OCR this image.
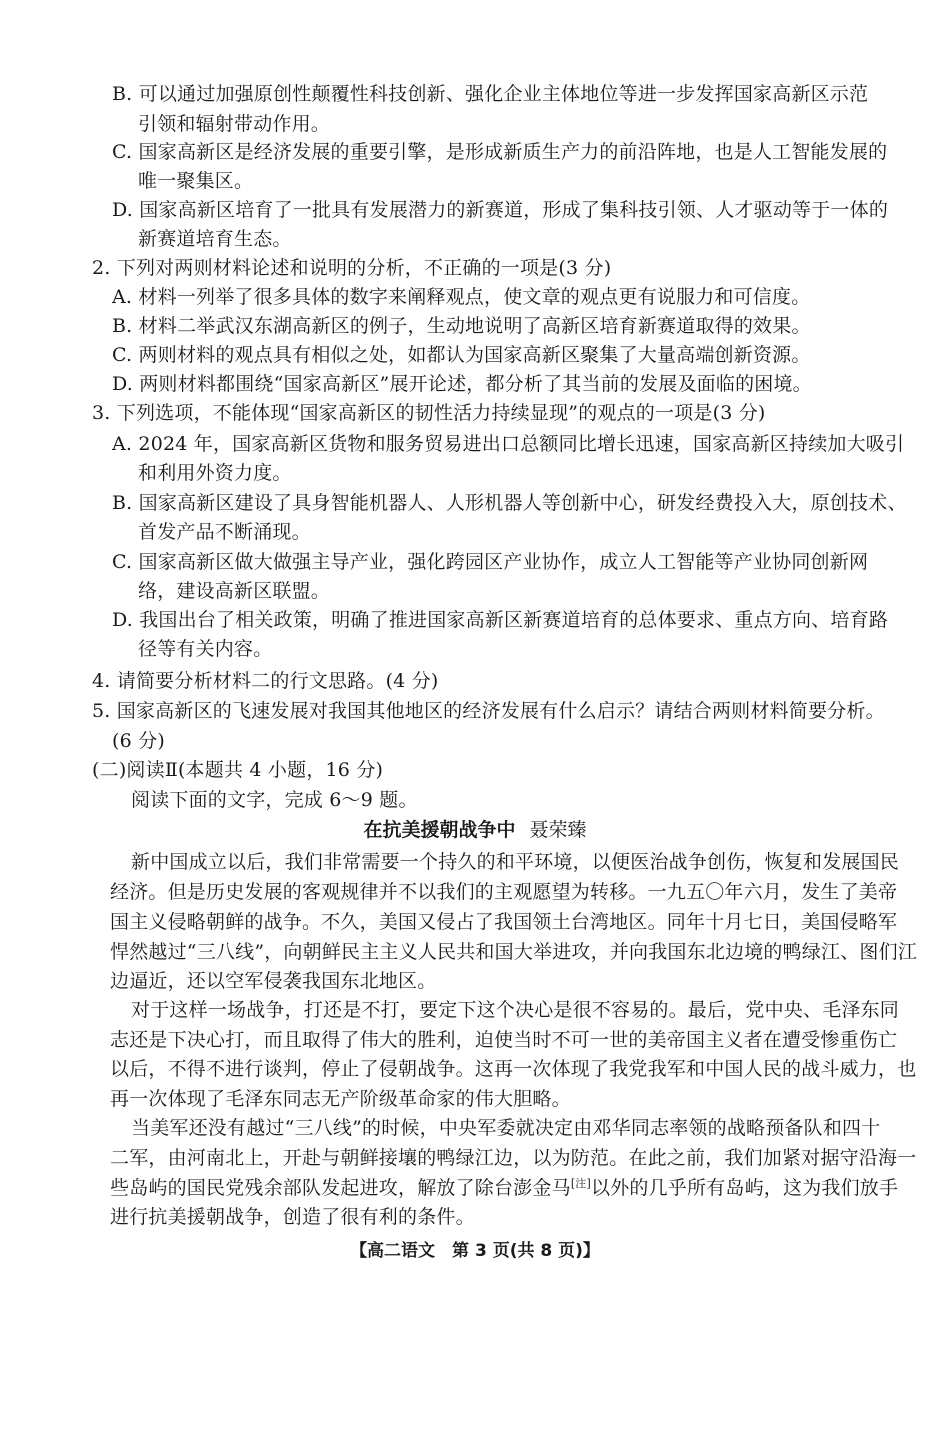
B. 可以通过加强原创性颠覆性科技创新、强化企业主体地位等进一步发挥国家高新区示范
引领和辐射带动作用。
C. 国家高新区是经济发展的重要引擎，是形成新质生产力的前沿阵地，也是人工智能发展的
唯一聚集区。
D. 国家高新区培育了一批具有发展潜力的新赛道，形成了集科技引领、人才驱动等于一体的
新赛道培育生态。
2. 下列对两则材料论述和说明的分析，不正确的一项是(3 分)
A. 材料一列举了很多具体的数字来阐释观点，使文章的观点更有说服力和可信度。
B. 材料二举武汉东湖高新区的例子，生动地说明了高新区培育新赛道取得的效果。
C. 两则材料的观点具有相似之处，如都认为国家高新区聚集了大量高端创新资源。
D. 两则材料都围绕“国家高新区”展开论述，都分析了其当前的发展及面临的困境。
3. 下列选项，不能体现“国家高新区的韧性活力持续显现”的观点的一项是(3 分)
A. 2024 年，国家高新区货物和服务贸易进出口总额同比增长迅速，国家高新区持续加大吸引
和利用外资力度。
B. 国家高新区建设了具身智能机器人、人形机器人等创新中心，研发经费投入大，原创技术、
首发产品不断涌现。
C. 国家高新区做大做强主导产业，强化跨园区产业协作，成立人工智能等产业协同创新网
络，建设高新区联盟。
D. 我国出台了相关政策，明确了推进国家高新区新赛道培育的总体要求、重点方向、培育路
径等有关内容。
4. 请简要分析材料二的行文思路。(4 分)
5. 国家高新区的飞速发展对我国其他地区的经济发展有什么启示？请结合两则材料简要分析。
(6 分)
(二)阅读Ⅱ(本题共 4 小题，16 分)
阅读下面的文字，完成 6～9 题。
在抗美援朝战争中 聂荣臻
新中国成立以后，我们非常需要一个持久的和平环境，以便医治战争创伤，恢复和发展国民
经济。但是历史发展的客观规律并不以我们的主观愿望为转移。一九五〇年六月，发生了美帝
国主义侵略朝鲜的战争。不久，美国又侵占了我国领土台湾地区。同年十月七日，美国侵略军
悍然越过“三八线”，向朝鲜民主主义人民共和国大举进攻，并向我国东北边境的鸭绿江、图们江
边逼近，还以空军侵袭我国东北地区。
对于这样一场战争，打还是不打，要定下这个决心是很不容易的。最后，党中央、毛泽东同
志还是下决心打，而且取得了伟大的胜利，迫使当时不可一世的美帝国主义者在遭受惨重伤亡
以后，不得不进行谈判，停止了侵朝战争。这再一次体现了我党我军和中国人民的战斗威力，也
再一次体现了毛泽东同志无产阶级革命家的伟大胆略。
当美军还没有越过“三八线”的时候，中央军委就决定由邓华同志率领的战略预备队和四十
二军，由河南北上，开赴与朝鲜接壤的鸭绿江边，以为防范。在此之前，我们加紧对据守沿海一
些岛屿的国民党残余部队发起进攻，解放了除台澎金马[注]以外的几乎所有岛屿，这为我们放手
进行抗美援朝战争，创造了很有利的条件。
【高二语文　第 3 页(共 8 页)】
